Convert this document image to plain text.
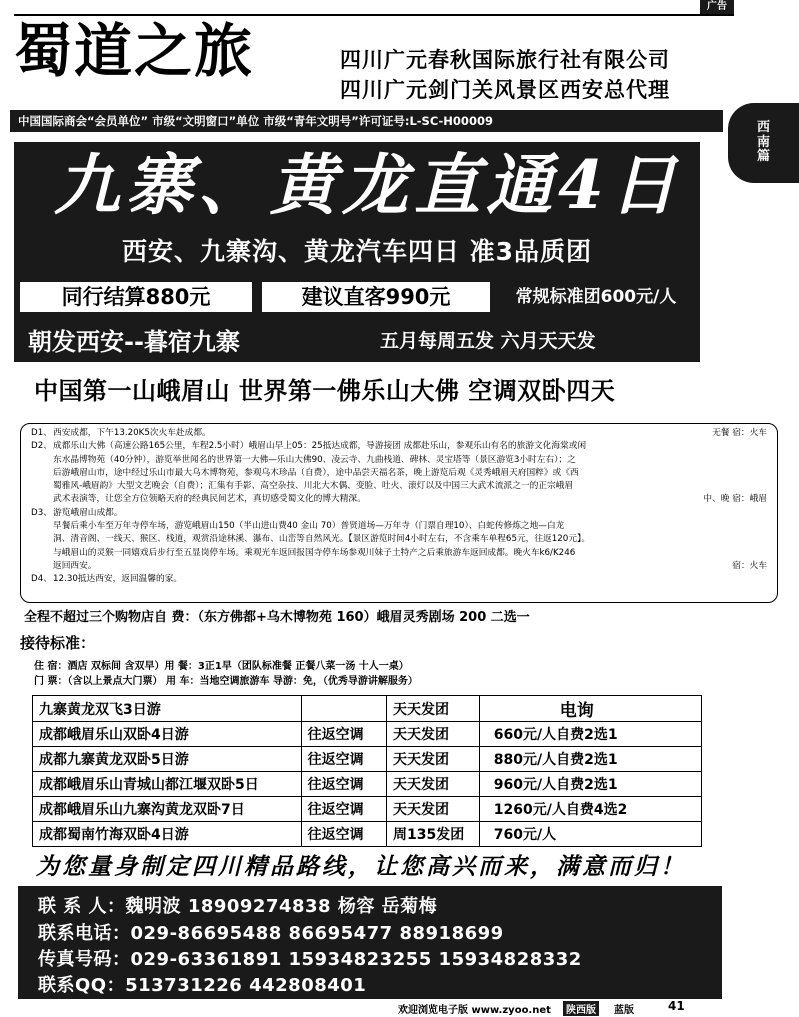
广告
蜀道之旅	四川广元春秋国际旅行社有限公司
四川广元剑门关风景区西安总代理
中国国际商会“会员单位” 市级“文明窗口”单位 市级“青年文明号”许可证号:L-SC-H00009	西
南
篇
九寨、黄龙直通4日
西安、九寨沟、黄龙汽车四日 准3品质团
同行结算880元	建议直客990元	常规标准团600元/人
朝发西安--暮宿九寨	五月每周五发 六月天天发
中国第一山峨眉山 世界第一佛乐山大佛 空调双卧四天
D1、 西安成都，下午13.20K5次火车赴成都。	无餐 宿：火车
D2、 成都乐山大佛（高速公路165公里，车程2.5小时）峨眉山早上05：25抵达成都，导游接团 成都赴乐山，参观乐山有名的旅游文化海棠或闲
东水晶博物苑（40分钟），游览举世闻名的世界第一大佛—乐山大佛90、凌云寺、九曲栈道、碑林、灵宝塔等（景区游览3小时左右）；之
后游峨眉山市，途中经过乐山市最大乌木博物苑，参观乌木珍品（自费），途中品尝天福名茶，晚上游览后观《灵秀峨眉天府国粹》或《西
蜀雅风-峨眉韵》大型文艺晚会（自费）；汇集有手影、高空杂技、川北大木偶、变脸、吐火、滚灯以及中国三大武术流派之一的正宗峨眉
武术表演等，让您全方位领略天府的经典民间艺术，真切感受蜀文化的博大精深。	中、晚 宿：峨眉
D3、 游览峨眉山成都。
早餐后乘小车至万年寺停车场，游览峨眉山150（半山进山费40 金山 70）普贤道场—万年寺（门票自理10）、白蛇传修炼之地—白龙
洞、清音阁、一线天、猴区、栈道，观赏沿途林溪、瀑布、山峦等自然风光。【景区游览时间4小时左右，不含乘车单程65元，往返120元】。
与峨眉山的灵猴一同嬉戏后步行至五显岗停车场。乘观光车返回报国寺停车场参观川妹子土特产之后乘旅游车返回成都。晚火车k6/K246
返回西安。	宿：火车
D4、 12.30抵达西安，返回温馨的家。
全程不超过三个购物店自 费：（东方佛都+乌木博物苑 160）峨眉灵秀剧场 200 二选一
接待标准：
住 宿：酒店 双标间 含双早）用 餐：3正1早（团队标准餐 正餐八菜一汤 十人一桌）
门 票：（含以上景点大门票） 用 车：当地空调旅游车 导游：免，（优秀导游讲解服务）
九寨黄龙双飞3日游		天天发团	电询
成都峨眉乐山双卧4日游	往返空调	天天发团	660元/人自费2选1
成都九寨黄龙双卧5日游	往返空调	天天发团	880元/人自费2选1
成都峨眉乐山青城山都江堰双卧5日	往返空调	天天发团	960元/人自费2选1
成都峨眉乐山九寨沟黄龙双卧7日	往返空调	天天发团	1260元/人自费4选2
成都蜀南竹海双卧4日游	往返空调	周135发团	760元/人
为您量身制定四川精品路线，让您高兴而来，满意而归！
联 系 人：魏明波 18909274838 杨容 岳菊梅
联系电话：029-86695488 86695477 88918699
传真号码：029-63361891 15934823255 15934828332
联系QQ：513731226 442808401
欢迎浏览电子版 www.zyoo.net	陕西版	蓝版	41
